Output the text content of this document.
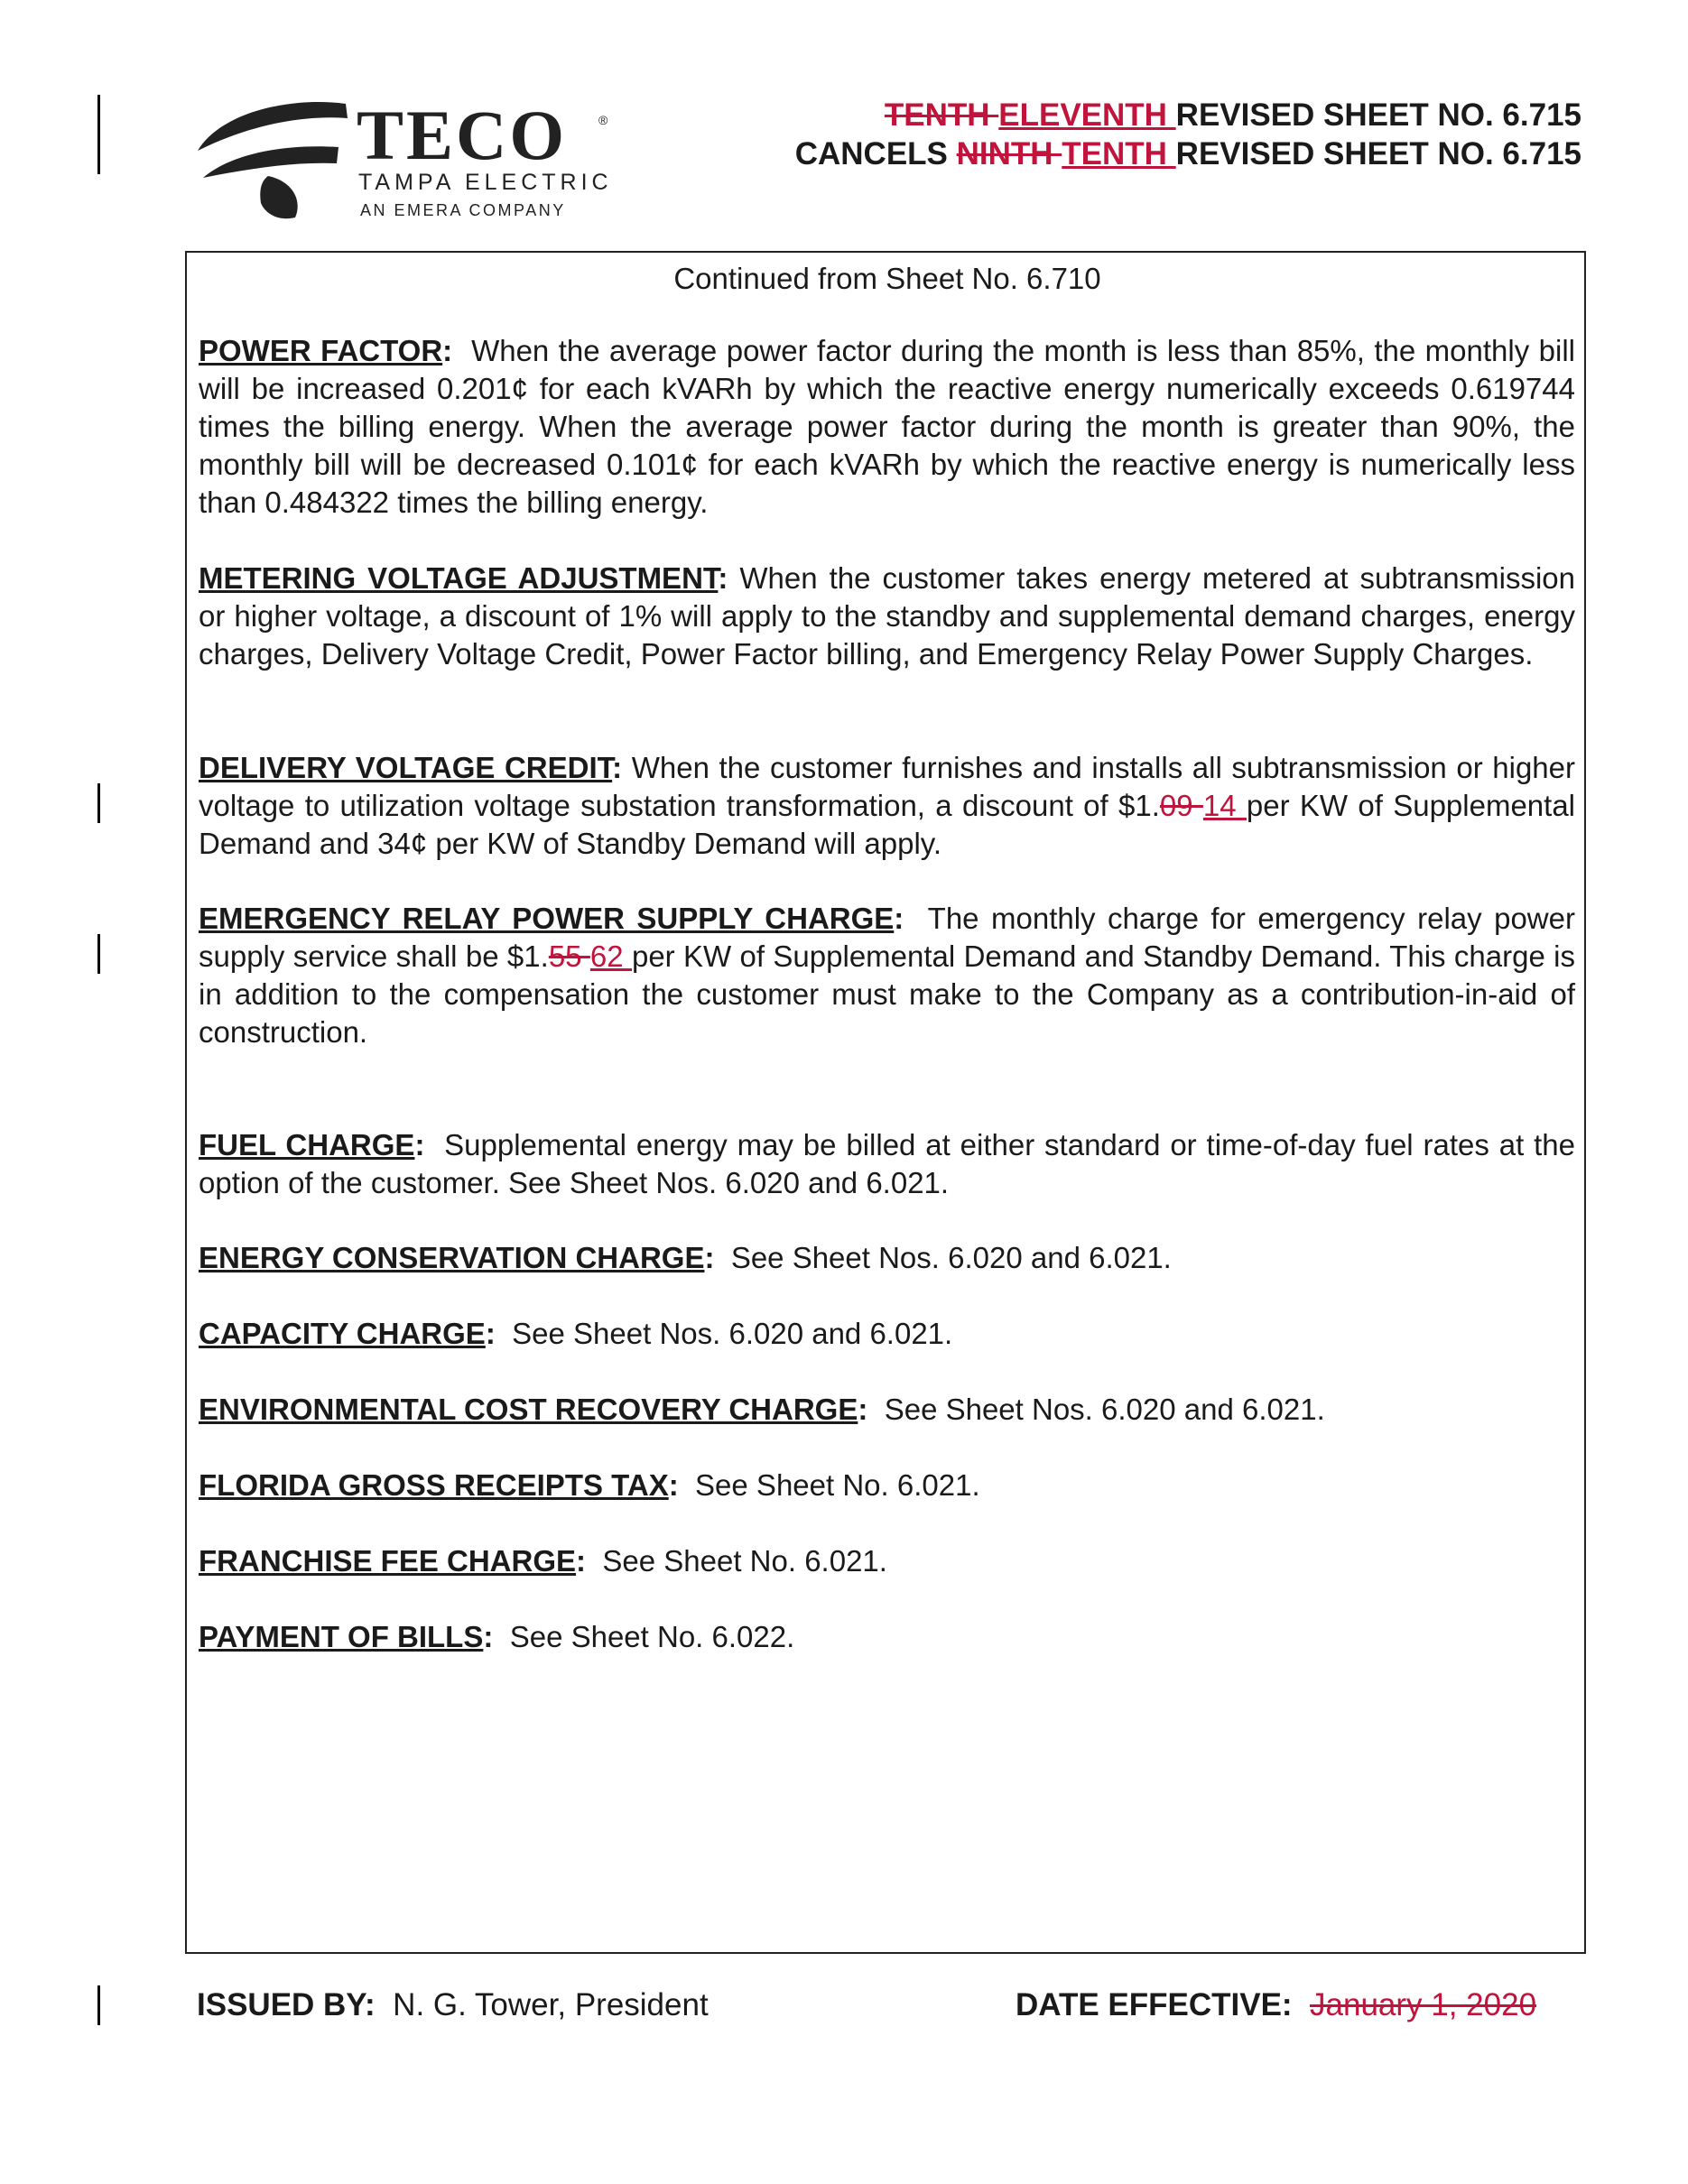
TECO ®
TAMPA ELECTRIC
AN EMERA COMPANY
TENTH ELEVENTH REVISED SHEET NO. 6.715
CANCELS NINTH TENTH REVISED SHEET NO. 6.715
Continued from Sheet No. 6.710
POWER FACTOR: When the average power factor during the month is less than 85%, the monthly bill will be increased 0.201¢ for each kVARh by which the reactive energy numerically exceeds 0.619744 times the billing energy. When the average power factor during the month is greater than 90%, the monthly bill will be decreased 0.101¢ for each kVARh by which the reactive energy is numerically less than 0.484322 times the billing energy.
METERING VOLTAGE ADJUSTMENT: When the customer takes energy metered at subtransmission or higher voltage, a discount of 1% will apply to the standby and supplemental demand charges, energy charges, Delivery Voltage Credit, Power Factor billing, and Emergency Relay Power Supply Charges.
DELIVERY VOLTAGE CREDIT: When the customer furnishes and installs all subtransmission or higher voltage to utilization voltage substation transformation, a discount of $1.09 14 per KW of Supplemental Demand and 34¢ per KW of Standby Demand will apply.
EMERGENCY RELAY POWER SUPPLY CHARGE: The monthly charge for emergency relay power supply service shall be $1.55 62 per KW of Supplemental Demand and Standby Demand. This charge is in addition to the compensation the customer must make to the Company as a contribution-in-aid of construction.
FUEL CHARGE: Supplemental energy may be billed at either standard or time-of-day fuel rates at the option of the customer. See Sheet Nos. 6.020 and 6.021.
ENERGY CONSERVATION CHARGE: See Sheet Nos. 6.020 and 6.021.
CAPACITY CHARGE: See Sheet Nos. 6.020 and 6.021.
ENVIRONMENTAL COST RECOVERY CHARGE: See Sheet Nos. 6.020 and 6.021.
FLORIDA GROSS RECEIPTS TAX: See Sheet No. 6.021.
FRANCHISE FEE CHARGE: See Sheet No. 6.021.
PAYMENT OF BILLS: See Sheet No. 6.022.
ISSUED BY: N. G. Tower, President	DATE EFFECTIVE: January 1, 2020
